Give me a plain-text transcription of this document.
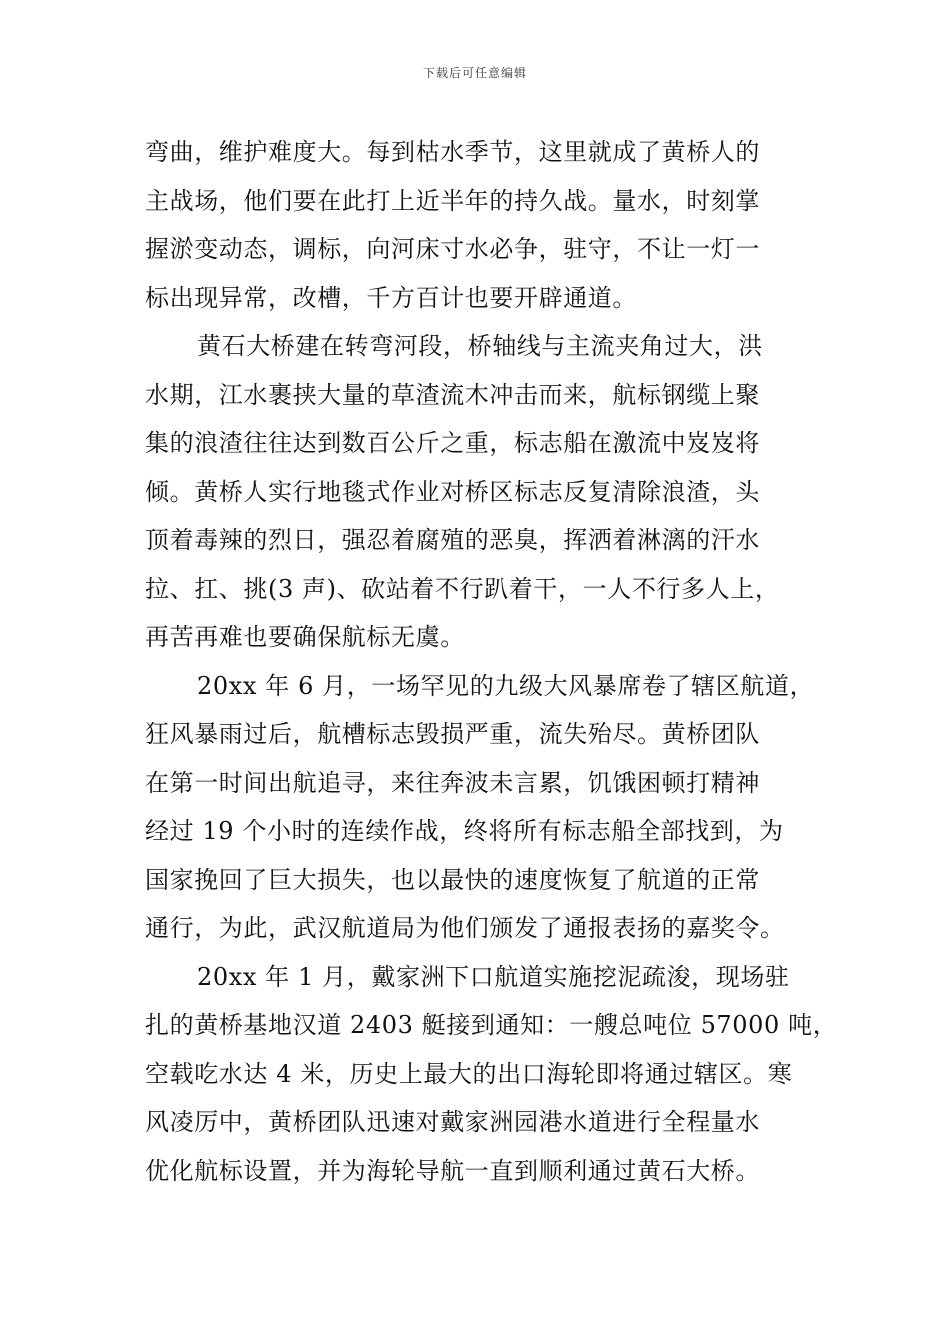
下载后可任意编辑
弯曲，维护难度大。每到枯水季节，这里就成了黄桥人的
主战场，他们要在此打上近半年的持久战。量水，时刻掌
握淤变动态，调标，向河床寸水必争，驻守，不让一灯一
标出现异常，改槽，千方百计也要开辟通道。
黄石大桥建在转弯河段，桥轴线与主流夹角过大，洪
水期，江水裹挟大量的草渣流木冲击而来，航标钢缆上聚
集的浪渣往往达到数百公斤之重，标志船在激流中岌岌将
倾。黄桥人实行地毯式作业对桥区标志反复清除浪渣，头
顶着毒辣的烈日，强忍着腐殖的恶臭，挥洒着淋漓的汗水
拉、扛、挑(3 声)、砍站着不行趴着干，一人不行多人上，
再苦再难也要确保航标无虞。
20xx 年 6 月，一场罕见的九级大风暴席卷了辖区航道，
狂风暴雨过后，航槽标志毁损严重，流失殆尽。黄桥团队
在第一时间出航追寻，来往奔波未言累，饥饿困顿打精神
经过 19 个小时的连续作战，终将所有标志船全部找到，为
国家挽回了巨大损失，也以最快的速度恢复了航道的正常
通行，为此，武汉航道局为他们颁发了通报表扬的嘉奖令。
20xx 年 1 月，戴家洲下口航道实施挖泥疏浚，现场驻
扎的黄桥基地汉道 2403 艇接到通知：一艘总吨位 57000 吨，
空载吃水达 4 米，历史上最大的出口海轮即将通过辖区。寒
风凌厉中，黄桥团队迅速对戴家洲园港水道进行全程量水
优化航标设置，并为海轮导航一直到顺利通过黄石大桥。
